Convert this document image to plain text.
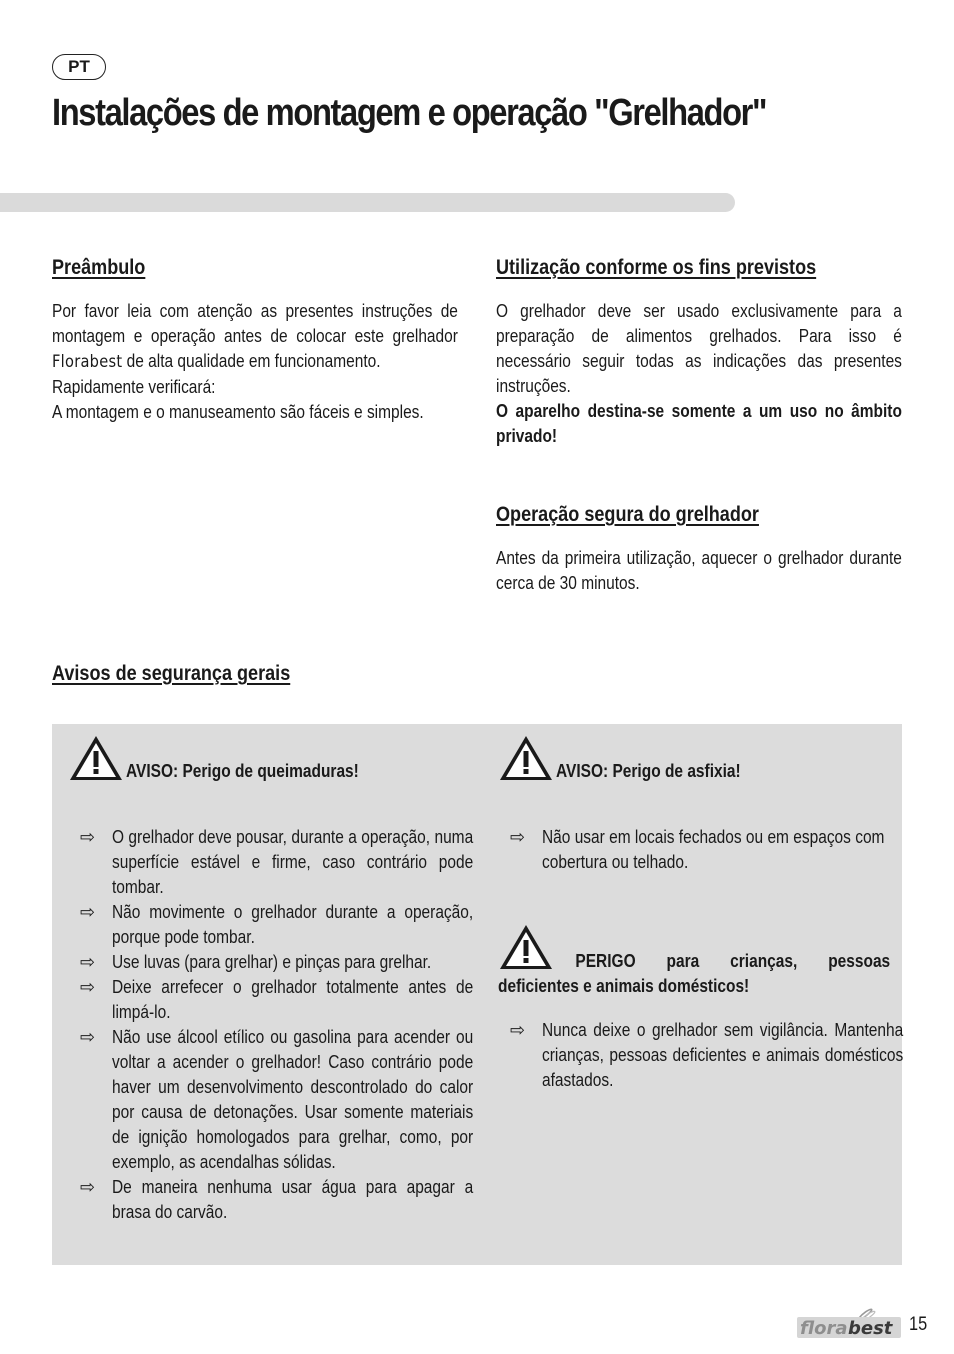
PT
Instalações de montagem e operação "Grelhador"
Preâmbulo

Por favor leia com atenção as presentes instruções de montagem e operação antes de colocar este grelhador Florabest de alta qualidade em funcionamento.
Rapidamente verificará:
A montagem e o manuseamento são fáceis e simples.

Utilização conforme os fins previstos

O grelhador deve ser usado exclusivamente para a preparação de alimentos grelhados. Para isso é necessário seguir todas as indicações das presentes instruções.
O aparelho destina-se somente a um uso no âmbito privado!

Operação segura do grelhador

Antes da primeira utilização, aquecer o grelhador durante cerca de 30 minutos.

Avisos de segurança gerais
AVISO: Perigo de queimaduras!
⇨ O grelhador deve pousar, durante a operação, numa superfície estável e firme, caso contrário pode tombar.
⇨ Não movimente o grelhador durante a operação, porque pode tombar.
⇨ Use luvas (para grelhar) e pinças para grelhar.
⇨ Deixe arrefecer o grelhador totalmente antes de limpá-lo.
⇨ Não use álcool etílico ou gasolina para acender ou voltar a acender o grelhador! Caso contrário pode haver um desenvolvimento descontrolado do calor por causa de detonações. Usar somente materiais de ignição homologados para grelhar, como, por exemplo, as acendalhas sólidas.
⇨ De maneira nenhuma usar água para apagar a brasa do carvão.
AVISO: Perigo de asfixia!
⇨ Não usar em locais fechados ou em espaços com cobertura ou telhado.
PERIGO para crianças, pessoas deficientes e animais domésticos!
⇨ Nunca deixe o grelhador sem vigilância. Mantenha crianças, pessoas deficientes e animais domésticos afastados.
flora best 15
